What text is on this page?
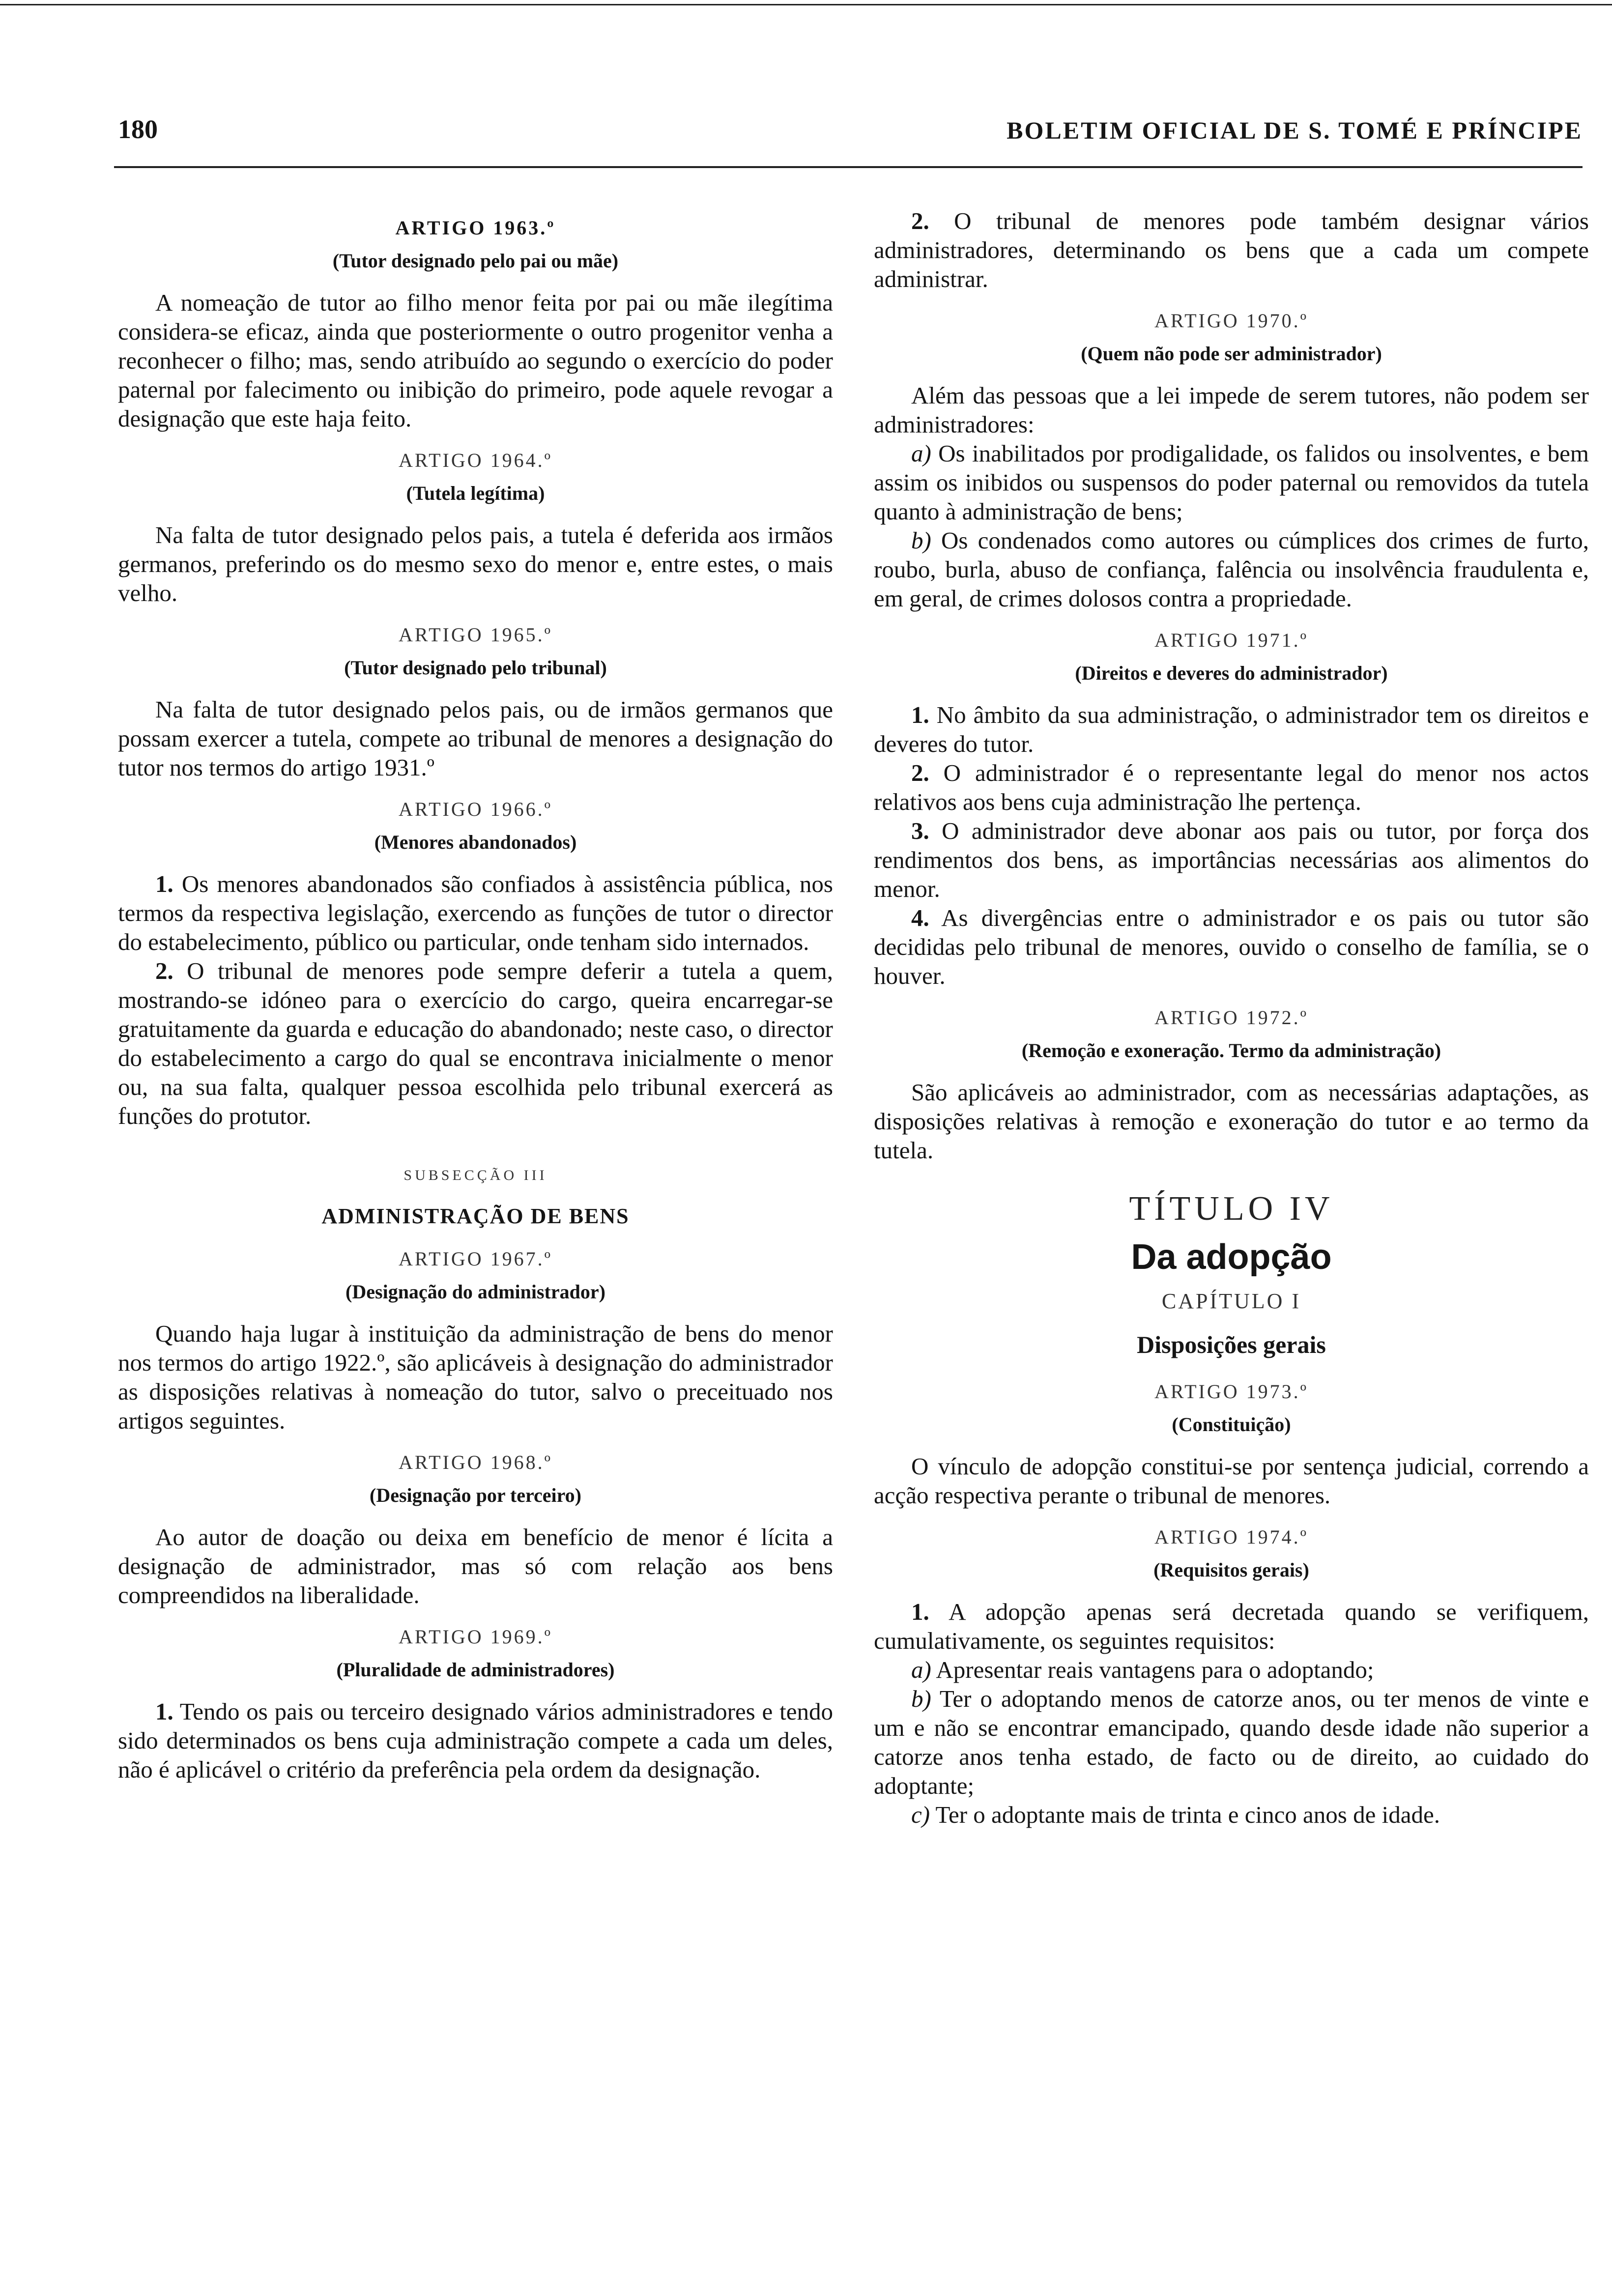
180	BOLETIM OFICIAL DE S. TOMÉ E PRÍNCIPE
ARTIGO 1963.º
(Tutor designado pelo pai ou mãe)

A nomeação de tutor ao filho menor feita por pai ou mãe ilegítima considera-se eficaz, ainda que posteriormente o outro progenitor venha a reconhecer o filho; mas, sendo atribuído ao segundo o exercício do poder paternal por falecimento ou inibição do primeiro, pode aquele revogar a designação que este haja feito.

ARTIGO 1964.º
(Tutela legítima)

Na falta de tutor designado pelos pais, a tutela é deferida aos irmãos germanos, preferindo os do mesmo sexo do menor e, entre estes, o mais velho.

ARTIGO 1965.º
(Tutor designado pelo tribunal)

Na falta de tutor designado pelos pais, ou de irmãos germanos que possam exercer a tutela, compete ao tribunal de menores a designação do tutor nos termos do artigo 1931.º

ARTIGO 1966.º
(Menores abandonados)

1. Os menores abandonados são confiados à assistência pública, nos termos da respectiva legislação, exercendo as funções de tutor o director do estabelecimento, público ou particular, onde tenham sido internados.

2. O tribunal de menores pode sempre deferir a tutela a quem, mostrando-se idóneo para o exercício do cargo, queira encarregar-se gratuitamente da guarda e educação do abandonado; neste caso, o director do estabelecimento a cargo do qual se encontrava inicialmente o menor ou, na sua falta, qualquer pessoa escolhida pelo tribunal exercerá as funções do protutor.

SUBSECÇÃO III
ADMINISTRAÇÃO DE BENS
ARTIGO 1967.º
(Designação do administrador)

Quando haja lugar à instituição da administração de bens do menor nos termos do artigo 1922.º, são aplicáveis à designação do administrador as disposições relativas à nomeação do tutor, salvo o preceituado nos artigos seguintes.

ARTIGO 1968.º
(Designação por terceiro)

Ao autor de doação ou deixa em benefício de menor é lícita a designação de administrador, mas só com relação aos bens compreendidos na liberalidade.

ARTIGO 1969.º
(Pluralidade de administradores)

1. Tendo os pais ou terceiro designado vários administradores e tendo sido determinados os bens cuja administração compete a cada um deles, não é aplicável o critério da preferência pela ordem da designação.

2. O tribunal de menores pode também designar vários administradores, determinando os bens que a cada um compete administrar.

ARTIGO 1970.º
(Quem não pode ser administrador)

Além das pessoas que a lei impede de serem tutores, não podem ser administradores:

a) Os inabilitados por prodigalidade, os falidos ou insolventes, e bem assim os inibidos ou suspensos do poder paternal ou removidos da tutela quanto à administração de bens;

b) Os condenados como autores ou cúmplices dos crimes de furto, roubo, burla, abuso de confiança, falência ou insolvência fraudulenta e, em geral, de crimes dolosos contra a propriedade.

ARTIGO 1971.º
(Direitos e deveres do administrador)

1. No âmbito da sua administração, o administrador tem os direitos e deveres do tutor.

2. O administrador é o representante legal do menor nos actos relativos aos bens cuja administração lhe pertença.

3. O administrador deve abonar aos pais ou tutor, por força dos rendimentos dos bens, as importâncias necessárias aos alimentos do menor.

4. As divergências entre o administrador e os pais ou tutor são decididas pelo tribunal de menores, ouvido o conselho de família, se o houver.

ARTIGO 1972.º
(Remoção e exoneração. Termo da administração)

São aplicáveis ao administrador, com as necessárias adaptações, as disposições relativas à remoção e exoneração do tutor e ao termo da tutela.

TÍTULO IV
Da adopção
CAPÍTULO I
Disposições gerais
ARTIGO 1973.º
(Constituição)

O vínculo de adopção constitui-se por sentença judicial, correndo a acção respectiva perante o tribunal de menores.

ARTIGO 1974.º
(Requisitos gerais)

1. A adopção apenas será decretada quando se verifiquem, cumulativamente, os seguintes requisitos:

a) Apresentar reais vantagens para o adoptando;

b) Ter o adoptando menos de catorze anos, ou ter menos de vinte e um e não se encontrar emancipado, quando desde idade não superior a catorze anos tenha estado, de facto ou de direito, ao cuidado do adoptante;

c) Ter o adoptante mais de trinta e cinco anos de idade.
